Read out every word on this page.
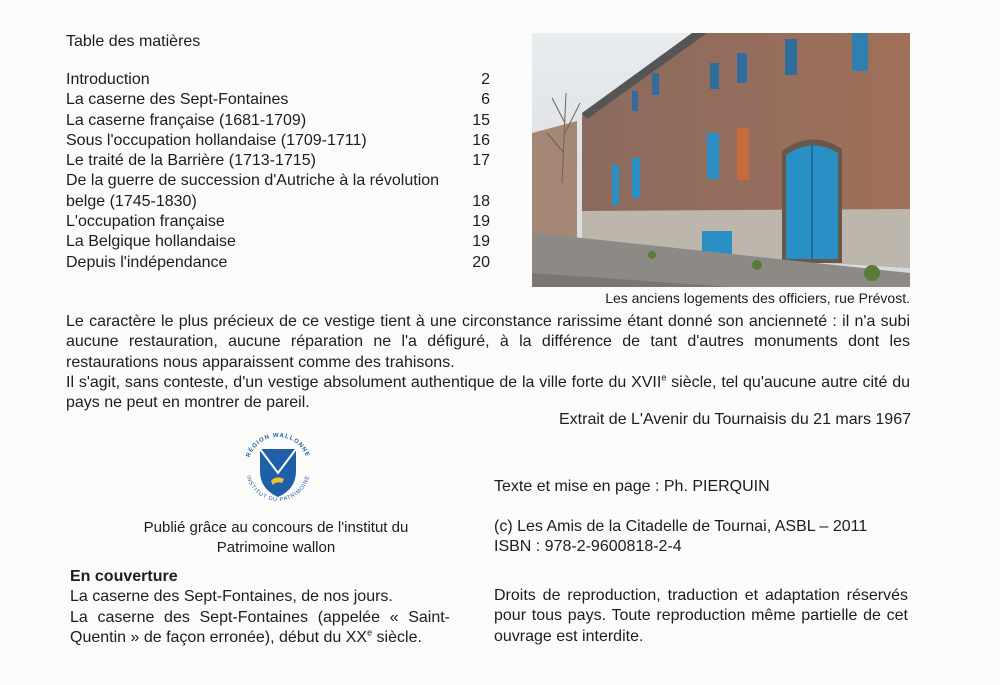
Table des matières
Introduction	2
La caserne des Sept-Fontaines	6
La caserne française (1681-1709)	15
Sous l'occupation hollandaise (1709-1711)	16
Le traité de la Barrière (1713-1715)	17
De la guerre de succession d'Autriche à la révolution
belge (1745-1830)	18
L'occupation française	19
La Belgique hollandaise	19
Depuis l'indépendance	20
Les anciens logements des officiers, rue Prévost.

Le caractère le plus précieux de ce vestige tient à une circonstance rarissime étant donné son ancienneté : il n'a subi aucune restauration, aucune réparation ne l'a défiguré, à la différence de tant d'autres monuments dont les restaurations nous apparaissent comme des trahisons.

Il s'agit, sans conteste, d'un vestige absolument authentique de la ville forte du XVIIe siècle, tel qu'aucune autre cité du pays ne peut en montrer de pareil.

Extrait de L'Avenir du Tournaisis du 21 mars 1967
RÉGION WALLONNE
INSTITUT DU PATRIMOINE
Publié grâce au concours de l'institut du
Patrimoine wallon
En couverture
La caserne des Sept-Fontaines, de nos jours.
La caserne des Sept-Fontaines (appelée « Saint-Quentin » de façon erronée), début du XXe siècle.
Texte et mise en page : Ph. PIERQUIN
(c) Les Amis de la Citadelle de Tournai, ASBL – 2011
ISBN : 978-2-9600818-2-4
Droits de reproduction, traduction et adaptation réservés pour tous pays. Toute reproduction même partielle de cet ouvrage est interdite.
